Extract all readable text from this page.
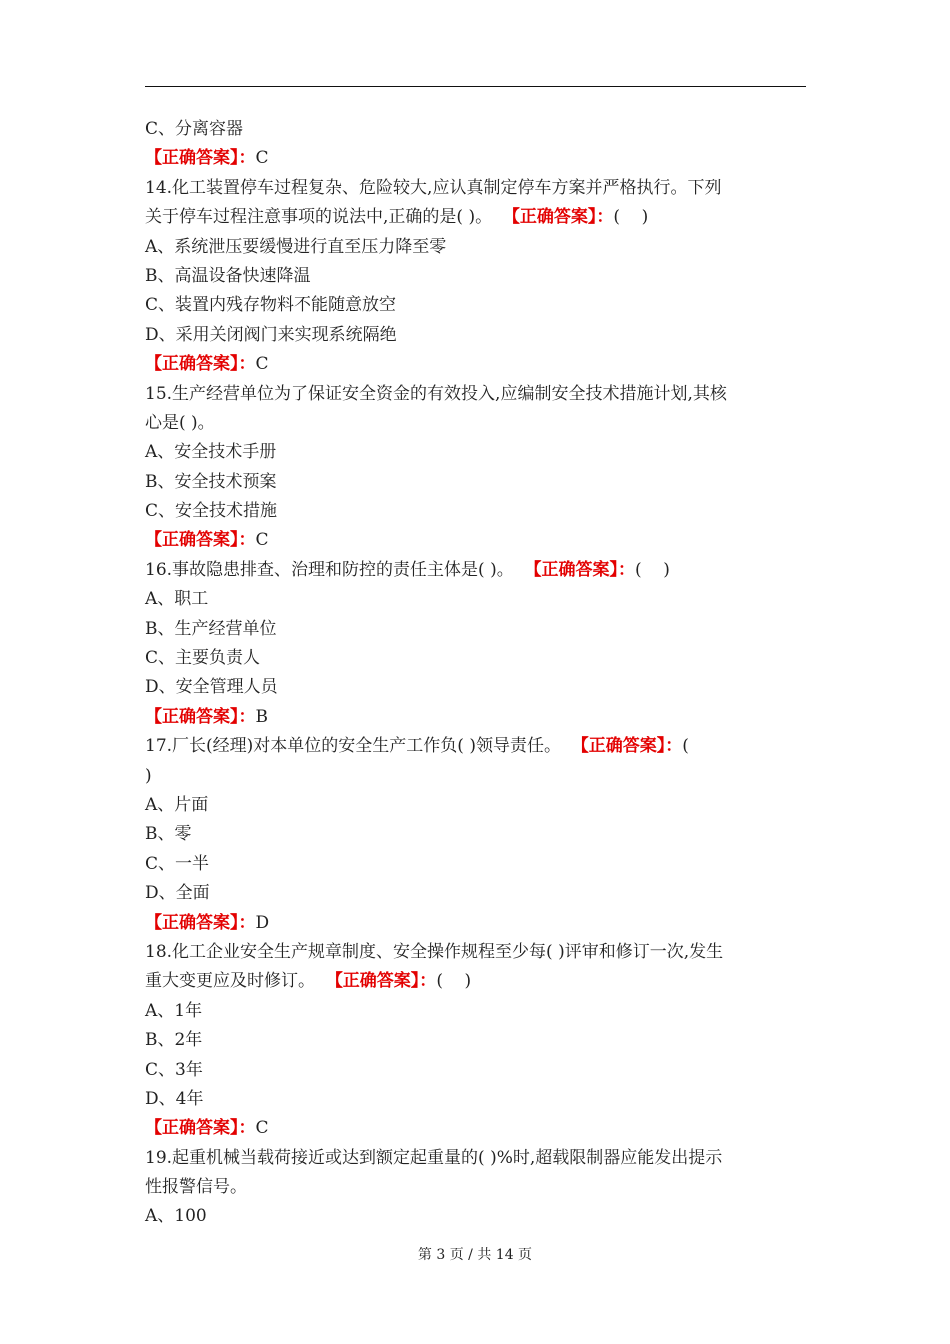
C、分离容器
【正确答案】：C
14.化工装置停车过程复杂、危险较大,应认真制定停车方案并严格执行。下列
关于停车过程注意事项的说法中,正确的是( )。  【正确答案】：(    )
A、系统泄压要缓慢进行直至压力降至零
B、高温设备快速降温
C、装置内残存物料不能随意放空
D、采用关闭阀门来实现系统隔绝
【正确答案】：C
15.生产经营单位为了保证安全资金的有效投入,应编制安全技术措施计划,其核
心是( )。
A、安全技术手册
B、安全技术预案
C、安全技术措施
【正确答案】：C
16.事故隐患排查、治理和防控的责任主体是( )。  【正确答案】：(    )
A、职工
B、生产经营单位
C、主要负责人
D、安全管理人员
【正确答案】：B
17.厂长(经理)对本单位的安全生产工作负( )领导责任。  【正确答案】：(
)
A、片面
B、零
C、一半
D、全面
【正确答案】：D
18.化工企业安全生产规章制度、安全操作规程至少每( )评审和修订一次,发生
重大变更应及时修订。  【正确答案】：(    )
A、1年
B、2年
C、3年
D、4年
【正确答案】：C
19.起重机械当载荷接近或达到额定起重量的( )%时,超载限制器应能发出提示
性报警信号。
A、100
第 3 页 / 共 14 页
